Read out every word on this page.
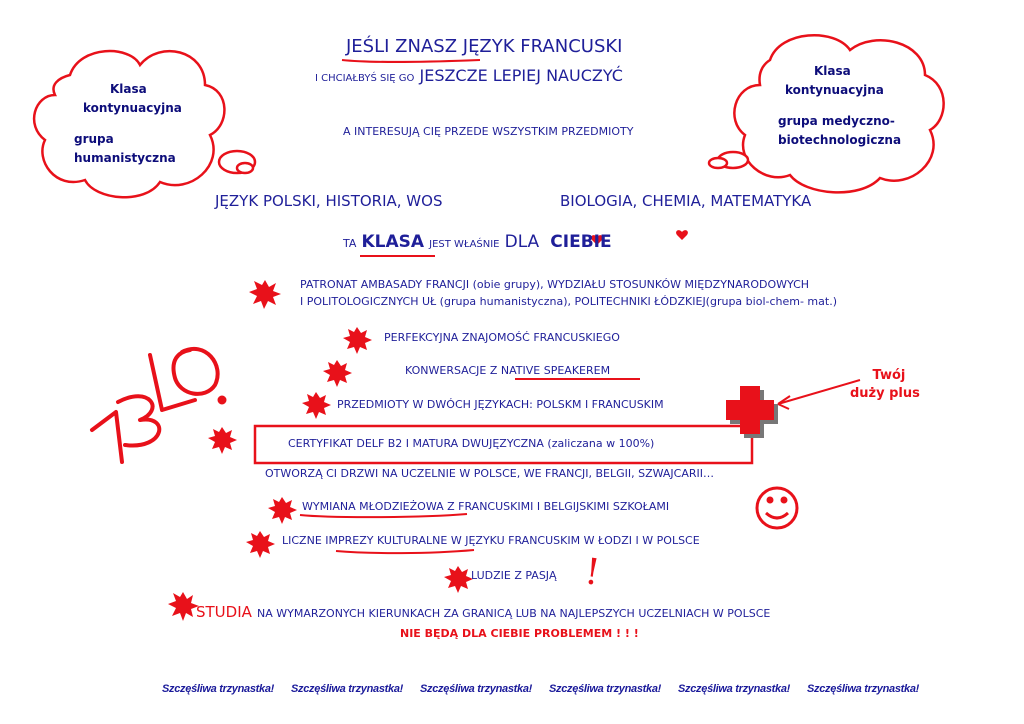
JEŚLI ZNASZ JĘZYK FRANCUSKI
I CHCIAŁBYŚ SIĘ GO JESZCZE LEPIEJ NAUCZYĆ
A INTERESUJĄ CIĘ PRZEDE WSZYSTKIM PRZEDMIOTY
Klasa
kontynuacyjna
grupa
humanistyczna
Klasa
kontynuacyjna
grupa medyczno-
biotechnologiczna
JĘZYK POLSKI, HISTORIA, WOS	BIOLOGIA, CHEMIA, MATEMATYKA
TA KLASA JEST WŁAŚNIE DLA CIEBIE
PATRONAT AMBASADY FRANCJI (obie grupy), WYDZIAŁU STOSUNKÓW MIĘDZYNARODOWYCH
I POLITOLOGICZNYCH UŁ (grupa humanistyczna), POLITECHNIKI ŁÓDZKIEJ(grupa biol-chem- mat.)
PERFEKCYJNA ZNAJOMOŚĆ FRANCUSKIEGO
KONWERSACJE Z NATIVE SPEAKEREM
PRZEDMIOTY W DWÓCH JĘZYKACH: POLSKM I FRANCUSKIM
CERTYFIKAT DELF B2 I MATURA DWUJĘZYCZNA (zaliczana w 100%)
OTWORZĄ CI DRZWI NA UCZELNIE W POLSCE, WE FRANCJI, BELGII, SZWAJCARII…
WYMIANA MŁODZIEŻOWA Z FRANCUSKIMI I BELGIJSKIMI SZKOŁAMI
LICZNE IMPREZY KULTURALNE W JĘZYKU FRANCUSKIM W ŁODZI I W POLSCE
LUDZIE Z PASJĄ !
STUDIA NA WYMARZONYCH KIERUNKACH ZA GRANICĄ LUB NA NAJLEPSZYCH UCZELNIACH W POLSCE
NIE BĘDĄ DLA CIEBIE PROBLEMEM ! ! !
Twój
duży plus
Szczęśliwa trzynastka! Szczęśliwa trzynastka! Szczęśliwa trzynastka! Szczęśliwa trzynastka! Szczęśliwa trzynastka! Szczęśliwa trzynastka!
